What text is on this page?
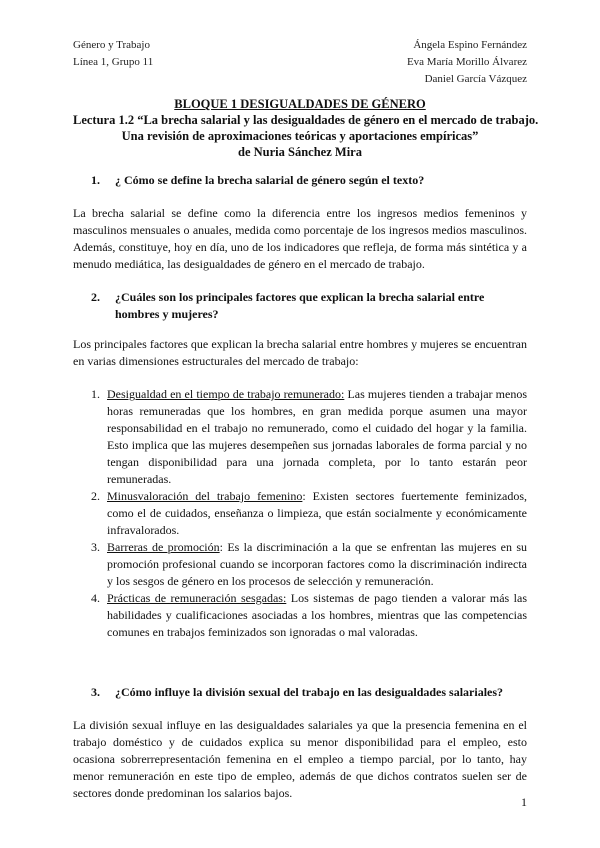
Género y Trabajo
Línea 1, Grupo 11
Ángela Espino Fernández
Eva María Morillo Álvarez
Daniel García Vázquez
BLOQUE 1 DESIGUALDADES DE GÉNERO
Lectura 1.2 “La brecha salarial y las desigualdades de género en el mercado de trabajo.
Una revisión de aproximaciones teóricas y aportaciones empíricas”
de Nuria Sánchez Mira
1.	¿ Cómo se define la brecha salarial de género según el texto?

La brecha salarial se define como la diferencia entre los ingresos medios femeninos y masculinos mensuales o anuales, medida como porcentaje de los ingresos medios masculinos. Además, constituye, hoy en día, uno de los indicadores que refleja, de forma más sintética y a menudo mediática, las desigualdades de género en el mercado de trabajo.

2.	¿Cuáles son los principales factores que explican la brecha salarial entre hombres y mujeres?

Los principales factores que explican la brecha salarial entre hombres y mujeres se encuentran en varias dimensiones estructurales del mercado de trabajo:

1. Desigualdad en el tiempo de trabajo remunerado: Las mujeres tienden a trabajar menos horas remuneradas que los hombres, en gran medida porque asumen una mayor responsabilidad en el trabajo no remunerado, como el cuidado del hogar y la familia. Esto implica que las mujeres desempeñen sus jornadas laborales de forma parcial y no tengan disponibilidad para una jornada completa, por lo tanto estarán peor remuneradas.
2. Minusvaloración del trabajo femenino: Existen sectores fuertemente feminizados, como el de cuidados, enseñanza o limpieza, que están socialmente y económicamente infravalorados.
3. Barreras de promoción: Es la discriminación a la que se enfrentan las mujeres en su promoción profesional cuando se incorporan factores como la discriminación indirecta y los sesgos de género en los procesos de selección y remuneración.
4. Prácticas de remuneración sesgadas: Los sistemas de pago tienden a valorar más las habilidades y cualificaciones asociadas a los hombres, mientras que las competencias comunes en trabajos feminizados son ignoradas o mal valoradas.
3.	¿Cómo influye la división sexual del trabajo en las desigualdades salariales?

La división sexual influye en las desigualdades salariales ya que la presencia femenina en el trabajo doméstico y de cuidados explica su menor disponibilidad para el empleo, esto ocasiona sobrerrepresentación femenina en el empleo a tiempo parcial, por lo tanto, hay menor remuneración en este tipo de empleo, además de que dichos contratos suelen ser de sectores donde predominan los salarios bajos.

1
